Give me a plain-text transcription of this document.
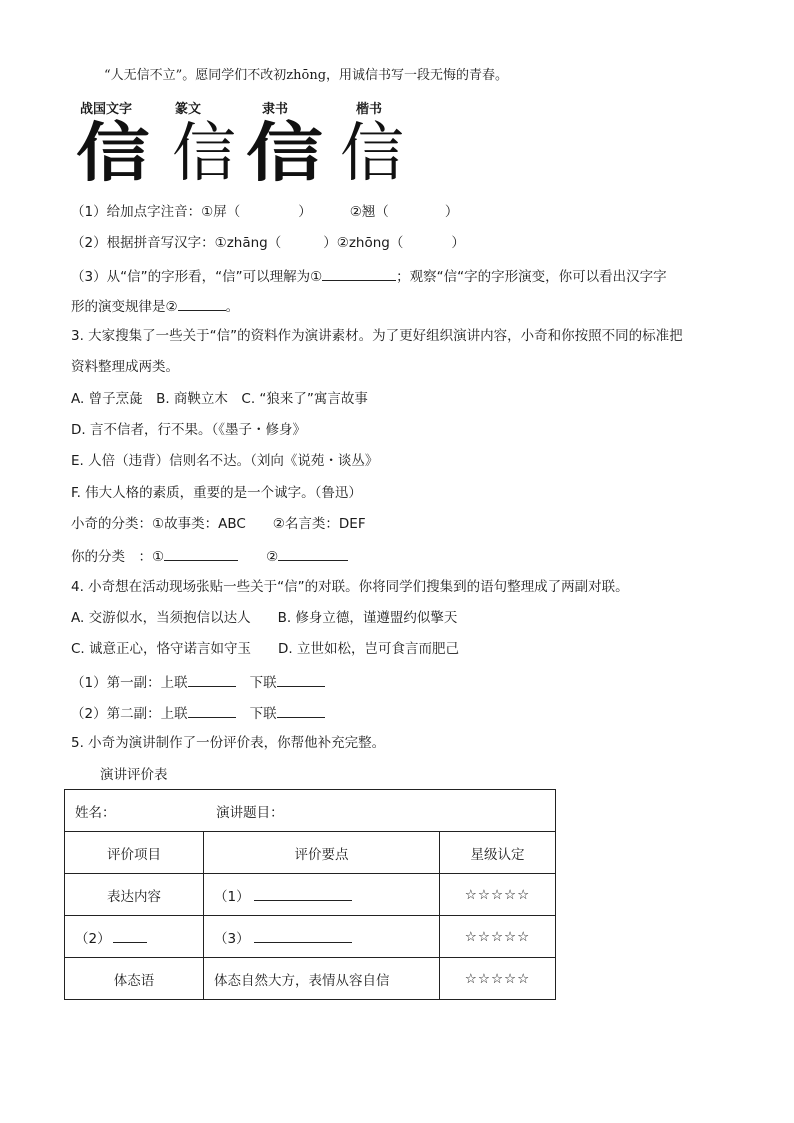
“人无信不立”。愿同学们不改初zhōng，用诚信书写一段无悔的青春。
战国文字	篆文	隶书	楷书
信 信 信 信
（1）给加点字注音：①屏（	）	②翘（	）
（2）根据拼音写汉字：①zhāng（	）②zhōng（	）
（3）从“信”的字形看，“信”可以理解为①	；观察“信“字的字形演变，你可以看出汉字字
形的演变规律是②	。
3. 大家搜集了一些关于“信”的资料作为演讲素材。为了更好组织演讲内容，小奇和你按照不同的标准把
资料整理成两类。
A. 曾子烹彘　B. 商鞅立木　C. “狼来了”寓言故事
D. 言不信者，行不果。（《墨子・修身》
E. 人倍（违背）信则名不达。（刘向《说苑・谈丛》
F. 伟大人格的素质，重要的是一个诚字。（鲁迅）
小奇的分类：①故事类：ABC　　②名言类：DEF
你的分类　：①	②
4. 小奇想在活动现场张贴一些关于“信”的对联。你将同学们搜集到的语句整理成了两副对联。
A. 交游似水，当须抱信以达人　　B. 修身立德，谨遵盟约似擎天
C. 诚意正心，恪守诺言如守玉　　D. 立世如松，岂可食言而肥己
（1）第一副：上联	下联
（2）第二副：上联	下联
5. 小奇为演讲制作了一份评价表，你帮他补充完整。
演讲评价表
姓名： 演讲题目：		
评价项目	评价要点	星级认定
表达内容	（1）	☆☆☆☆☆
（2）	（3）	☆☆☆☆☆
体态语	体态自然大方，表情从容自信	☆☆☆☆☆
